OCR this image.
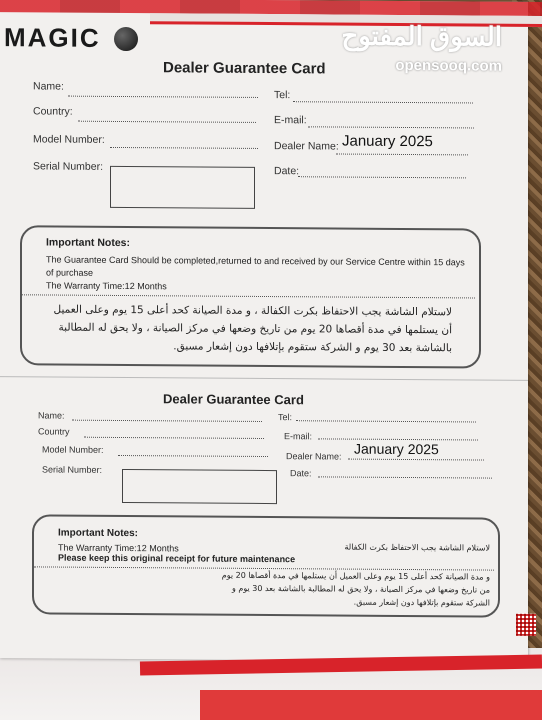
MAGIC	السوق المفتوح
opensooq.com
Dealer Guarantee Card
Name:
Tel:
Country:
E-mail:
Model Number:
Dealer Name: January 2025
Serial Number:	Date:
Important Notes:
The Guarantee Card Should be completed,returned to and received by our Service Centre within 15 days of purchase
The Warranty Time:12 Months
لاستلام الشاشة يجب الاحتفاظ بكرت الكفالة ، و مدة الصيانة كحد أعلى 15 يوم وعلى العميل أن يستلمها في مدة أقصاها 20 يوم من تاريخ وضعها في مركز الصيانة ، ولا يحق له المطالبة بالشاشة بعد 30 يوم و الشركة ستقوم بإتلافها دون إشعار مسبق.
Dealer Guarantee Card
Name:	Tel:
Country	E-mail:
Model Number:
Dealer Name: January 2025
Serial Number:	Date:
Important Notes:
The Warranty Time:12 Months
Please keep this original receipt for future maintenance
لاستلام الشاشة يجب الاحتفاظ بكرت الكفالة
و مدة الصيانة كحد أعلى 15 يوم وعلى العميل أن يستلمها في مدة أقصاها 20 يوم من تاريخ وضعها في مركز الصيانة ، ولا يحق له المطالبة بالشاشة بعد 30 يوم و الشركة ستقوم بإتلافها دون إشعار مسبق.
